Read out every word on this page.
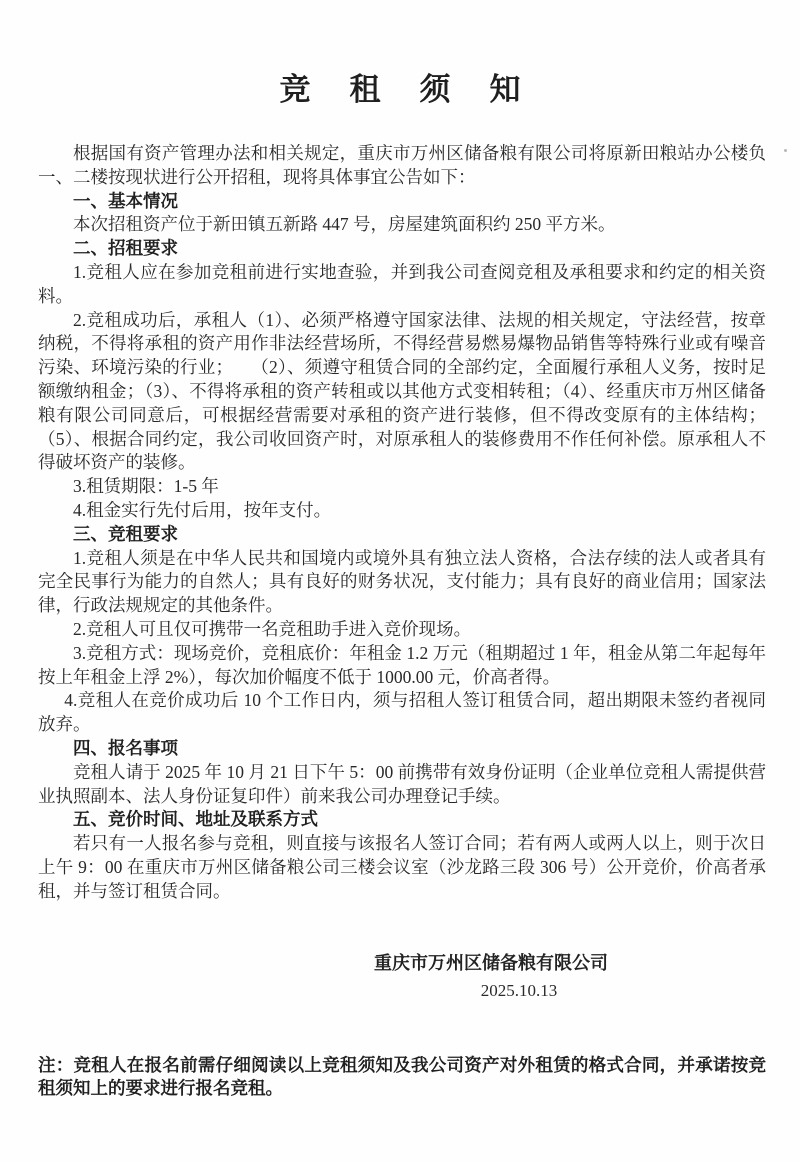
竞　租　须　知

根据国有资产管理办法和相关规定，重庆市万州区储备粮有限公司将原新田粮站办公楼负一、二楼按现状进行公开招租，现将具体事宜公告如下：

一、基本情况

本次招租资产位于新田镇五新路 447 号，房屋建筑面积约 250 平方米。

二、招租要求

1.竞租人应在参加竞租前进行实地查验，并到我公司查阅竞租及承租要求和约定的相关资料。

2.竞租成功后，承租人（1）、必须严格遵守国家法律、法规的相关规定，守法经营，按章纳税，不得将承租的资产用作非法经营场所，不得经营易燃易爆物品销售等特殊行业或有噪音污染、环境污染的行业；　　（2）、须遵守租赁合同的全部约定，全面履行承租人义务，按时足额缴纳租金；（3）、不得将承租的资产转租或以其他方式变相转租；（4）、经重庆市万州区储备粮有限公司同意后，可根据经营需要对承租的资产进行装修，但不得改变原有的主体结构；（5）、根据合同约定，我公司收回资产时，对原承租人的装修费用不作任何补偿。原承租人不得破坏资产的装修。

3.租赁期限：1-5 年

4.租金实行先付后用，按年支付。

三、竞租要求

1.竞租人须是在中华人民共和国境内或境外具有独立法人资格，合法存续的法人或者具有完全民事行为能力的自然人；具有良好的财务状况，支付能力；具有良好的商业信用；国家法律，行政法规规定的其他条件。

2.竞租人可且仅可携带一名竞租助手进入竞价现场。

3.竞租方式：现场竞价，竞租底价：年租金 1.2 万元（租期超过 1 年，租金从第二年起每年按上年租金上浮 2%），每次加价幅度不低于 1000.00 元，价高者得。

4.竞租人在竞价成功后 10 个工作日内，须与招租人签订租赁合同，超出期限未签约者视同放弃。

四、报名事项

竞租人请于 2025 年 10 月 21 日下午 5：00 前携带有效身份证明（企业单位竞租人需提供营业执照副本、法人身份证复印件）前来我公司办理登记手续。

五、竞价时间、地址及联系方式

若只有一人报名参与竞租，则直接与该报名人签订合同；若有两人或两人以上，则于次日上午 9：00 在重庆市万州区储备粮公司三楼会议室（沙龙路三段 306 号）公开竞价，价高者承租，并与签订租赁合同。

重庆市万州区储备粮有限公司
2025.10.13

注：竞租人在报名前需仔细阅读以上竞租须知及我公司资产对外租赁的格式合同，并承诺按竞租须知上的要求进行报名竞租。
